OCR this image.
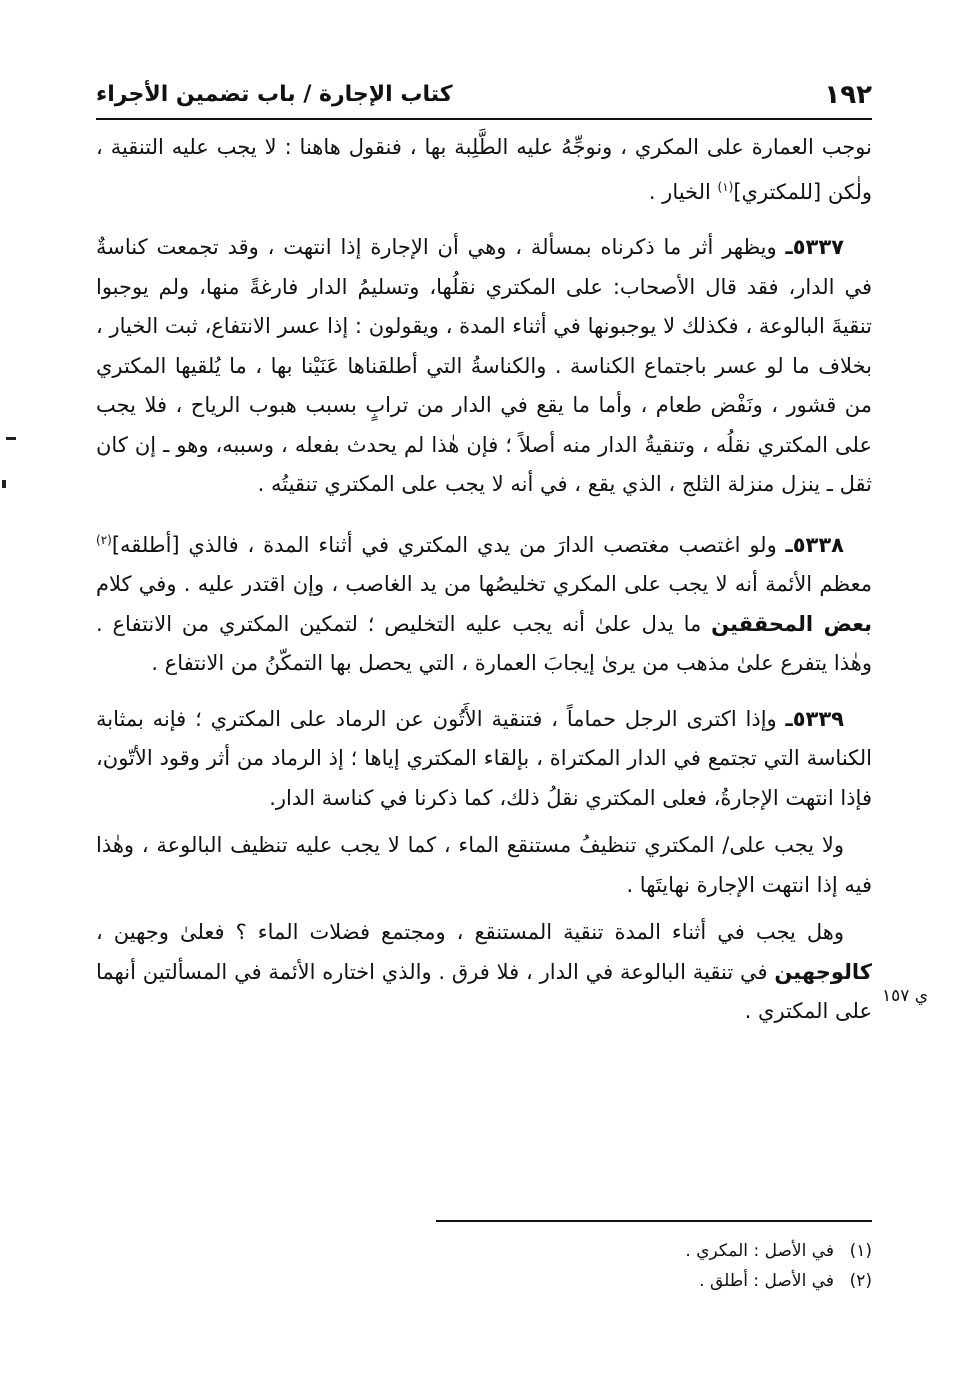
١٩٢
كتاب الإجارة / باب تضمين الأجراء

نوجب العمارة على المكري ، ونوجِّهُ عليه الطَّلِبة بها ، فنقول هاهنا : لا يجب عليه التنقية ، ولٰكن [للمكتري]$^{(١)}$ الخيار .

٥٣٣٧ـ ويظهر أثر ما ذكرناه بمسألة ، وهي أن الإجارة إذا انتهت ، وقد تجمعت كناسةٌ في الدار، فقد قال الأصحاب: على المكتري نقلُها، وتسليمُ الدار فارغةً منها، ولم يوجبوا تنقيةَ البالوعة ، فكذلك لا يوجبونها في أثناء المدة ، ويقولون : إذا عسر الانتفاع، ثبت الخيار ، بخلاف ما لو عسر باجتماع الكناسة . والكناسةُ التي أطلقناها عَنَيْنا بها ، ما يُلقيها المكتري من قشور ، ونَفْض طعام ، وأما ما يقع في الدار من ترابٍ بسبب هبوب الرياح ، فلا يجب على المكتري نقلُه ، وتنقيةُ الدار منه أصلاً ؛ فإن هٰذا لم يحدث بفعله ، وسببه، وهو ـ إن كان ثقل ـ ينزل منزلة الثلج ، الذي يقع ، في أنه لا يجب على المكتري تنقيتُه .

٥٣٣٨ـ ولو اغتصب مغتصب الدارَ من يدي المكتري في أثناء المدة ، فالذي [أطلقه]$^{(٢)}$ معظم الأئمة أنه لا يجب على المكري تخليصُها من يد الغاصب ، وإن اقتدر عليه . وفي كلام بعض المحققين ما يدل علىٰ أنه يجب عليه التخليص ؛ لتمكين المكتري من الانتفاع . وهٰذا يتفرع علىٰ مذهب من يرىٰ إيجابَ العمارة ، التي يحصل بها التمكّنُ من الانتفاع .

٥٣٣٩ـ وإذا اكترى الرجل حماماً ، فتنقية الأَتُون عن الرماد على المكتري ؛ فإنه بمثابة الكناسة التي تجتمع في الدار المكتراة ، بإلقاء المكتري إياها ؛ إذ الرماد من أثر وقود الأتّون، فإذا انتهت الإجارةُ، فعلى المكتري نقلُ ذلك، كما ذكرنا في كناسة الدار.

ولا يجب على/ المكتري تنظيفُ مستنقع الماء ، كما لا يجب عليه تنظيف البالوعة ، وهٰذا فيه إذا انتهت الإجارة نهايتَها .

وهل يجب في أثناء المدة تنقية المستنقع ، ومجتمع فضلات الماء ؟ فعلىٰ وجهين ، كالوجهين في تنقية البالوعة في الدار ، فلا فرق . والذي اختاره الأئمة في المسألتين أنهما على المكتري .

ي ١٥٧
(١)في الأصل : المكري .
(٢)في الأصل : أطلق .
